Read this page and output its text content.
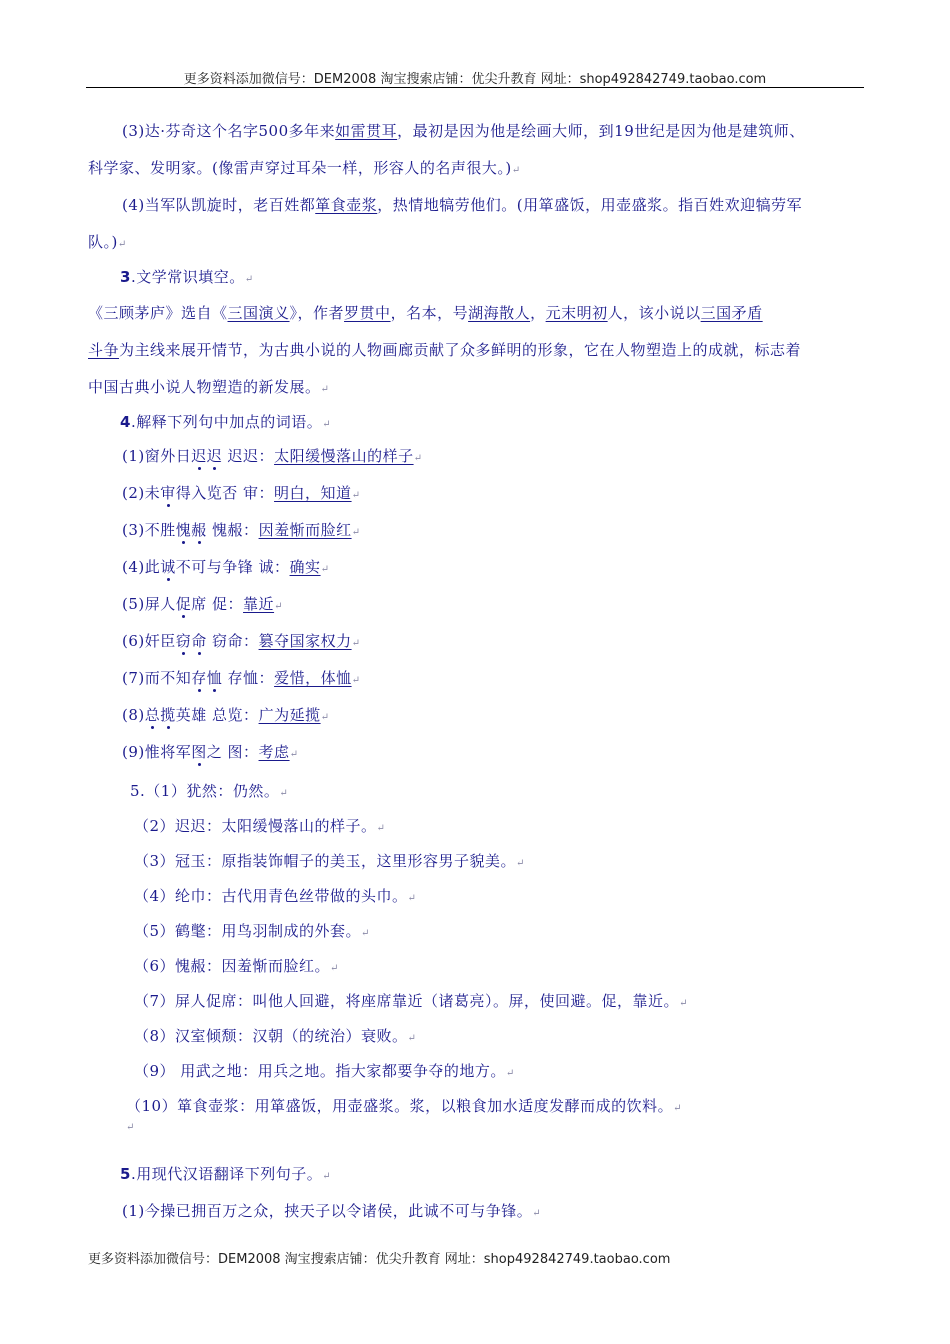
更多资料添加微信号：DEM2008 淘宝搜索店铺：优尖升教育 网址：shop492842749.taobao.com
(3)达·芬奇这个名字500多年来如雷贯耳，最初是因为他是绘画大师，到19世纪是因为他是建筑师、
科学家、发明家。(像雷声穿过耳朵一样，形容人的名声很大。)↵
(4)当军队凯旋时，老百姓都箪食壶浆，热情地犒劳他们。(用箪盛饭，用壶盛浆。指百姓欢迎犒劳军
队。)↵
3.文学常识填空。↵
《三顾茅庐》选自《三国演义》，作者罗贯中，名本，号湖海散人，元末明初人，该小说以三国矛盾
斗争为主线来展开情节，为古典小说的人物画廊贡献了众多鲜明的形象，它在人物塑造上的成就，标志着
中国古典小说人物塑造的新发展。↵
4.解释下列句中加点的词语。↵
(1)窗外日迟迟 迟迟：太阳缓慢落山的样子↵
(2)未审得入览否 审：明白，知道↵
(3)不胜愧赧 愧赧：因羞惭而脸红↵
(4)此诚不可与争锋 诚：确实↵
(5)屏人促席 促：靠近↵
(6)奸臣窃命 窃命：篡夺国家权力↵
(7)而不知存恤 存恤：爱惜，体恤↵
(8)总揽英雄 总览：广为延揽↵
(9)惟将军图之 图：考虑↵
5.（1）犹然：仍然。↵
（2）迟迟：太阳缓慢落山的样子。↵
（3）冠玉：原指装饰帽子的美玉，这里形容男子貌美。↵
（4）纶巾：古代用青色丝带做的头巾。↵
（5）鹤氅：用鸟羽制成的外套。↵
（6）愧赧：因羞惭而脸红。↵
（7）屏人促席：叫他人回避，将座席靠近（诸葛亮）。屏，使回避。促，靠近。↵
（8）汉室倾颓：汉朝（的统治）衰败。↵
（9） 用武之地：用兵之地。指大家都要争夺的地方。↵
（10）箪食壶浆：用箪盛饭，用壶盛浆。浆，以粮食加水适度发酵而成的饮料。↵
↵
5.用现代汉语翻译下列句子。↵
(1)今操已拥百万之众，挟天子以令诸侯，此诚不可与争锋。↵
更多资料添加微信号：DEM2008 淘宝搜索店铺：优尖升教育 网址：shop492842749.taobao.com
